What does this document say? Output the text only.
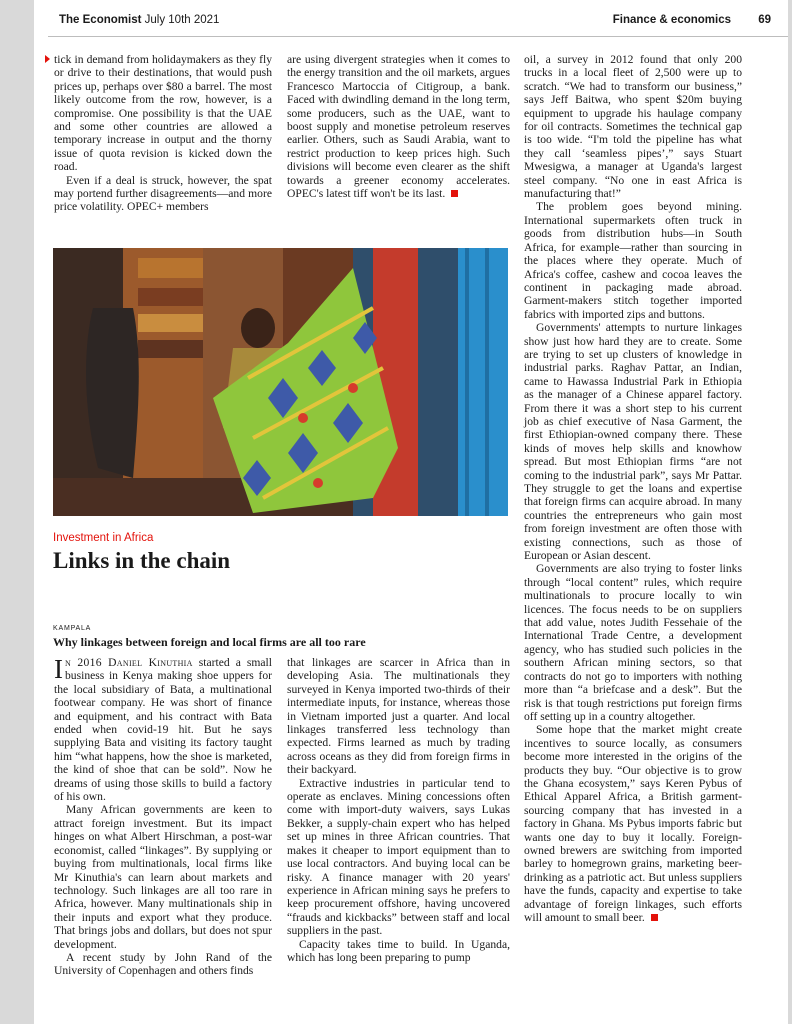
The Economist July 10th 2021	Finance & economics 69

tick in demand from holidaymakers as they fly or drive to their destinations, that would push prices up, perhaps over $80 a barrel. The most likely outcome from the row, however, is a compromise. One possibility is that the UAE and some other countries are allowed a temporary increase in output and the thorny issue of quota revision is kicked down the road.

Even if a deal is struck, however, the spat may portend further disagreements—and more price volatility. OPEC+ members

are using divergent strategies when it comes to the energy transition and the oil markets, argues Francesco Martoccia of Citigroup, a bank. Faced with dwindling demand in the long term, some producers, such as the UAE, want to boost supply and monetise petroleum reserves earlier. Others, such as Saudi Arabia, want to restrict production to keep prices high. Such divisions will become even clearer as the shift towards a greener economy accelerates. OPEC's latest tiff won't be its last.

Investment in Africa
Links in the chain
KAMPALA
Why linkages between foreign and local firms are all too rare

In 2016 Daniel Kinuthia started a small business in Kenya making shoe uppers for the local subsidiary of Bata, a multinational footwear company. He was short of finance and equipment, and his contract with Bata ended when covid-19 hit. But he says supplying Bata and visiting its factory taught him “what happens, how the shoe is marketed, the kind of shoe that can be sold”. Now he dreams of using those skills to build a factory of his own.

Many African governments are keen to attract foreign investment. But its impact hinges on what Albert Hirschman, a post-war economist, called “linkages”. By supplying or buying from multinationals, local firms like Mr Kinuthia's can learn about markets and technology. Such linkages are all too rare in Africa, however. Many multinationals ship in their inputs and export what they produce. That brings jobs and dollars, but does not spur development.

A recent study by John Rand of the University of Copenhagen and others finds

that linkages are scarcer in Africa than in developing Asia. The multinationals they surveyed in Kenya imported two-thirds of their intermediate inputs, for instance, whereas those in Vietnam imported just a quarter. And local linkages transferred less technology than expected. Firms learned as much by trading across oceans as they did from foreign firms in their backyard.

Extractive industries in particular tend to operate as enclaves. Mining concessions often come with import-duty waivers, says Lukas Bekker, a supply-chain expert who has helped set up mines in three African countries. That makes it cheaper to import equipment than to use local contractors. And buying local can be risky. A finance manager with 20 years' experience in African mining says he prefers to keep procurement offshore, having uncovered “frauds and kickbacks” between staff and local suppliers in the past.

Capacity takes time to build. In Uganda, which has long been preparing to pump

oil, a survey in 2012 found that only 200 trucks in a local fleet of 2,500 were up to scratch. “We had to transform our business,” says Jeff Baitwa, who spent $20m buying equipment to upgrade his haulage company for oil contracts. Sometimes the technical gap is too wide. “I'm told the pipeline has what they call ‘seamless pipes’,” says Stuart Mwesigwa, a manager at Uganda's largest steel company. “No one in east Africa is manufacturing that!”

The problem goes beyond mining. International supermarkets often truck in goods from distribution hubs—in South Africa, for example—rather than sourcing in the places where they operate. Much of Africa's coffee, cashew and cocoa leaves the continent in packaging made abroad. Garment-makers stitch together imported fabrics with imported zips and buttons.

Governments' attempts to nurture linkages show just how hard they are to create. Some are trying to set up clusters of knowledge in industrial parks. Raghav Pattar, an Indian, came to Hawassa Industrial Park in Ethiopia as the manager of a Chinese apparel factory. From there it was a short step to his current job as chief executive of Nasa Garment, the first Ethiopian-owned company there. These kinds of moves help skills and knowhow spread. But most Ethiopian firms “are not coming to the industrial park”, says Mr Pattar. They struggle to get the loans and expertise that foreign firms can acquire abroad. In many countries the entrepreneurs who gain most from foreign investment are often those with existing connections, such as those of European or Asian descent.

Governments are also trying to foster links through “local content” rules, which require multinationals to procure locally to win licences. The focus needs to be on suppliers that add value, notes Judith Fessehaie of the International Trade Centre, a development agency, who has studied such policies in the southern African mining sectors, so that contracts do not go to importers with nothing more than “a briefcase and a desk”. But the risk is that tough restrictions put foreign firms off setting up in a country altogether.

Some hope that the market might create incentives to source locally, as consumers become more interested in the origins of the products they buy. “Our objective is to grow the Ghana ecosystem,” says Keren Pybus of Ethical Apparel Africa, a British garment-sourcing company that has invested in a factory in Ghana. Ms Pybus imports fabric but wants one day to buy it locally. Foreign-owned brewers are switching from imported barley to homegrown grains, marketing beer-drinking as a patriotic act. But unless suppliers have the funds, capacity and expertise to take advantage of foreign linkages, such efforts will amount to small beer.
